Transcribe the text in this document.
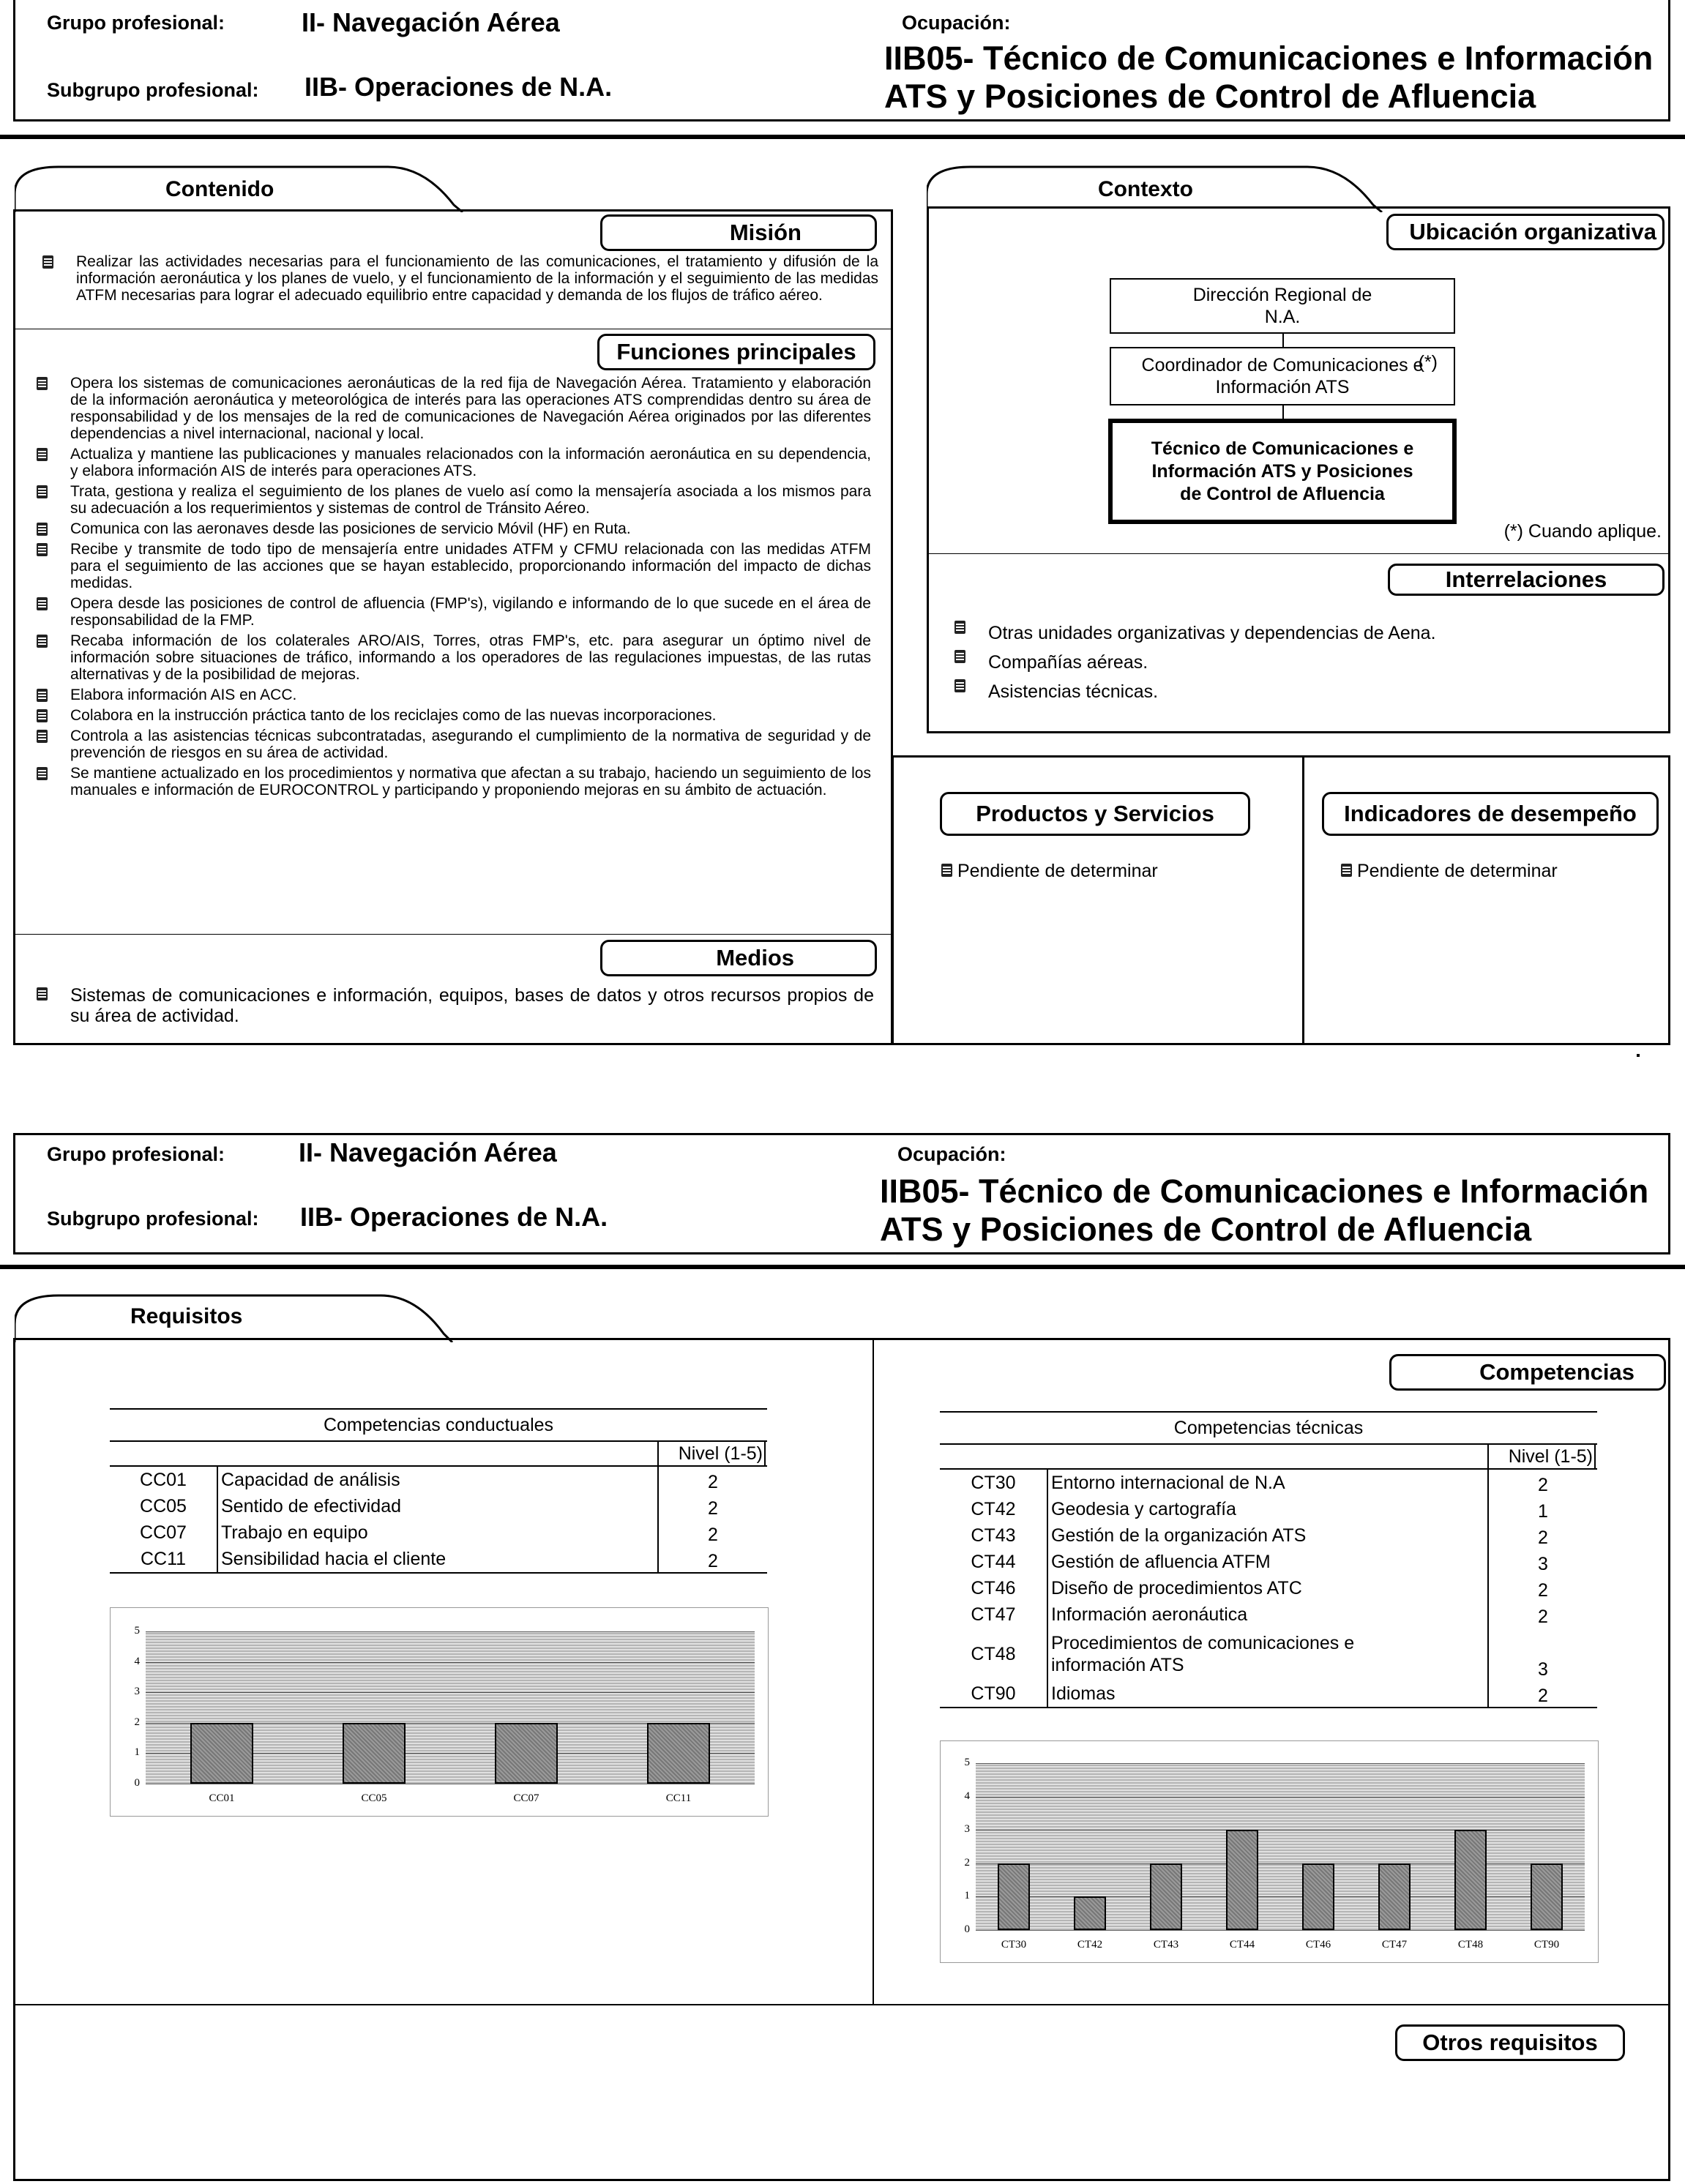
Grupo profesional:	II- Navegación Aérea
Subgrupo profesional: IIB- Operaciones de N.A.
Ocupación:
IIB05- Técnico de Comunicaciones e Información
ATS y Posiciones de Control de Afluencia
Contenido
Misión
Realizar las actividades necesarias para el funcionamiento de las comunicaciones, el tratamiento y difusión de la información aeronáutica y los planes de vuelo, y el funcionamiento de la información y el seguimiento de las medidas ATFM necesarias para lograr el adecuado equilibrio entre capacidad y demanda de los flujos de tráfico aéreo.
Funciones principales
Opera los sistemas de comunicaciones aeronáuticas de la red fija de Navegación Aérea. Tratamiento y elaboración de la información aeronáutica y meteorológica de interés para las operaciones ATS comprendidas dentro su área de responsabilidad y de los mensajes de la red de comunicaciones de Navegación Aérea originados por las diferentes dependencias a nivel internacional, nacional y local.
Actualiza y mantiene las publicaciones y manuales relacionados con la información aeronáutica en su dependencia, y elabora información AIS de interés para operaciones ATS.
Trata, gestiona y realiza el seguimiento de los planes de vuelo así como la mensajería asociada a los mismos para su adecuación a los requerimientos y sistemas de control de Tránsito Aéreo.
Comunica con las aeronaves desde las posiciones de servicio Móvil (HF) en Ruta.
Recibe y transmite de todo tipo de mensajería entre unidades ATFM y CFMU relacionada con las medidas ATFM para el seguimiento de las acciones que se hayan establecido, proporcionando información del impacto de dichas medidas.
Opera desde las posiciones de control de afluencia (FMP's), vigilando e informando de lo que sucede en el área de responsabilidad de la FMP.
Recaba información de los colaterales ARO/AIS, Torres, otras FMP's, etc. para asegurar un óptimo nivel de información sobre situaciones de tráfico, informando a los operadores de las regulaciones impuestas, de las rutas alternativas y de la posibilidad de mejoras.
Elabora información AIS en ACC.
Colabora en la instrucción práctica tanto de los reciclajes como de las nuevas incorporaciones.
Controla a las asistencias técnicas subcontratadas, asegurando el cumplimiento de la normativa de seguridad y de prevención de riesgos en su área de actividad.
Se mantiene actualizado en los procedimientos y normativa que afectan a su trabajo, haciendo un seguimiento de los manuales e información de EUROCONTROL y participando y proponiendo mejoras en su ámbito de actuación.
Medios
Sistemas de comunicaciones e información, equipos, bases de datos y otros recursos propios de su área de actividad.
Contexto
Ubicación organizativa
Dirección Regional de N.A.
Coordinador de Comunicaciones e Información ATS
(*)
Técnico de Comunicaciones e Información ATS y Posiciones de Control de Afluencia
(*) Cuando aplique.
Interrelaciones
Otras unidades organizativas y dependencias de Aena.
Compañías aéreas.
Asistencias técnicas.
Productos y Servicios
Pendiente de determinar
Indicadores de desempeño
Pendiente de determinar
Grupo profesional:	II- Navegación Aérea
Subgrupo profesional: IIB- Operaciones de N.A.
Ocupación:
IIB05- Técnico de Comunicaciones e Información
ATS y Posiciones de Control de Afluencia
Requisitos
Competencias
Otros requisitos
Competencias conductuales
Nivel (1-5)
CC01	Capacidad de análisis	2
CC05	Sentido de efectividad	2
CC07	Trabajo en equipo	2
CC11	Sensibilidad hacia el cliente	2
Competencias técnicas
Nivel (1-5)
CT30	Entorno internacional de N.A	2
CT42	Geodesia y cartografía	1
CT43	Gestión de la organización ATS	2
CT44	Gestión de afluencia ATFM	3
CT46	Diseño de procedimientos ATC	2
CT47	Información aeronáutica	2
CT48	Procedimientos de comunicaciones e información ATS	3
CT90	Idiomas	2
0
1
2
3
4
5
CC01	CC05	CC07	CC11
0
1
2
3
4
5
CT30	CT42	CT43	CT44	CT46	CT47	CT48	CT90
